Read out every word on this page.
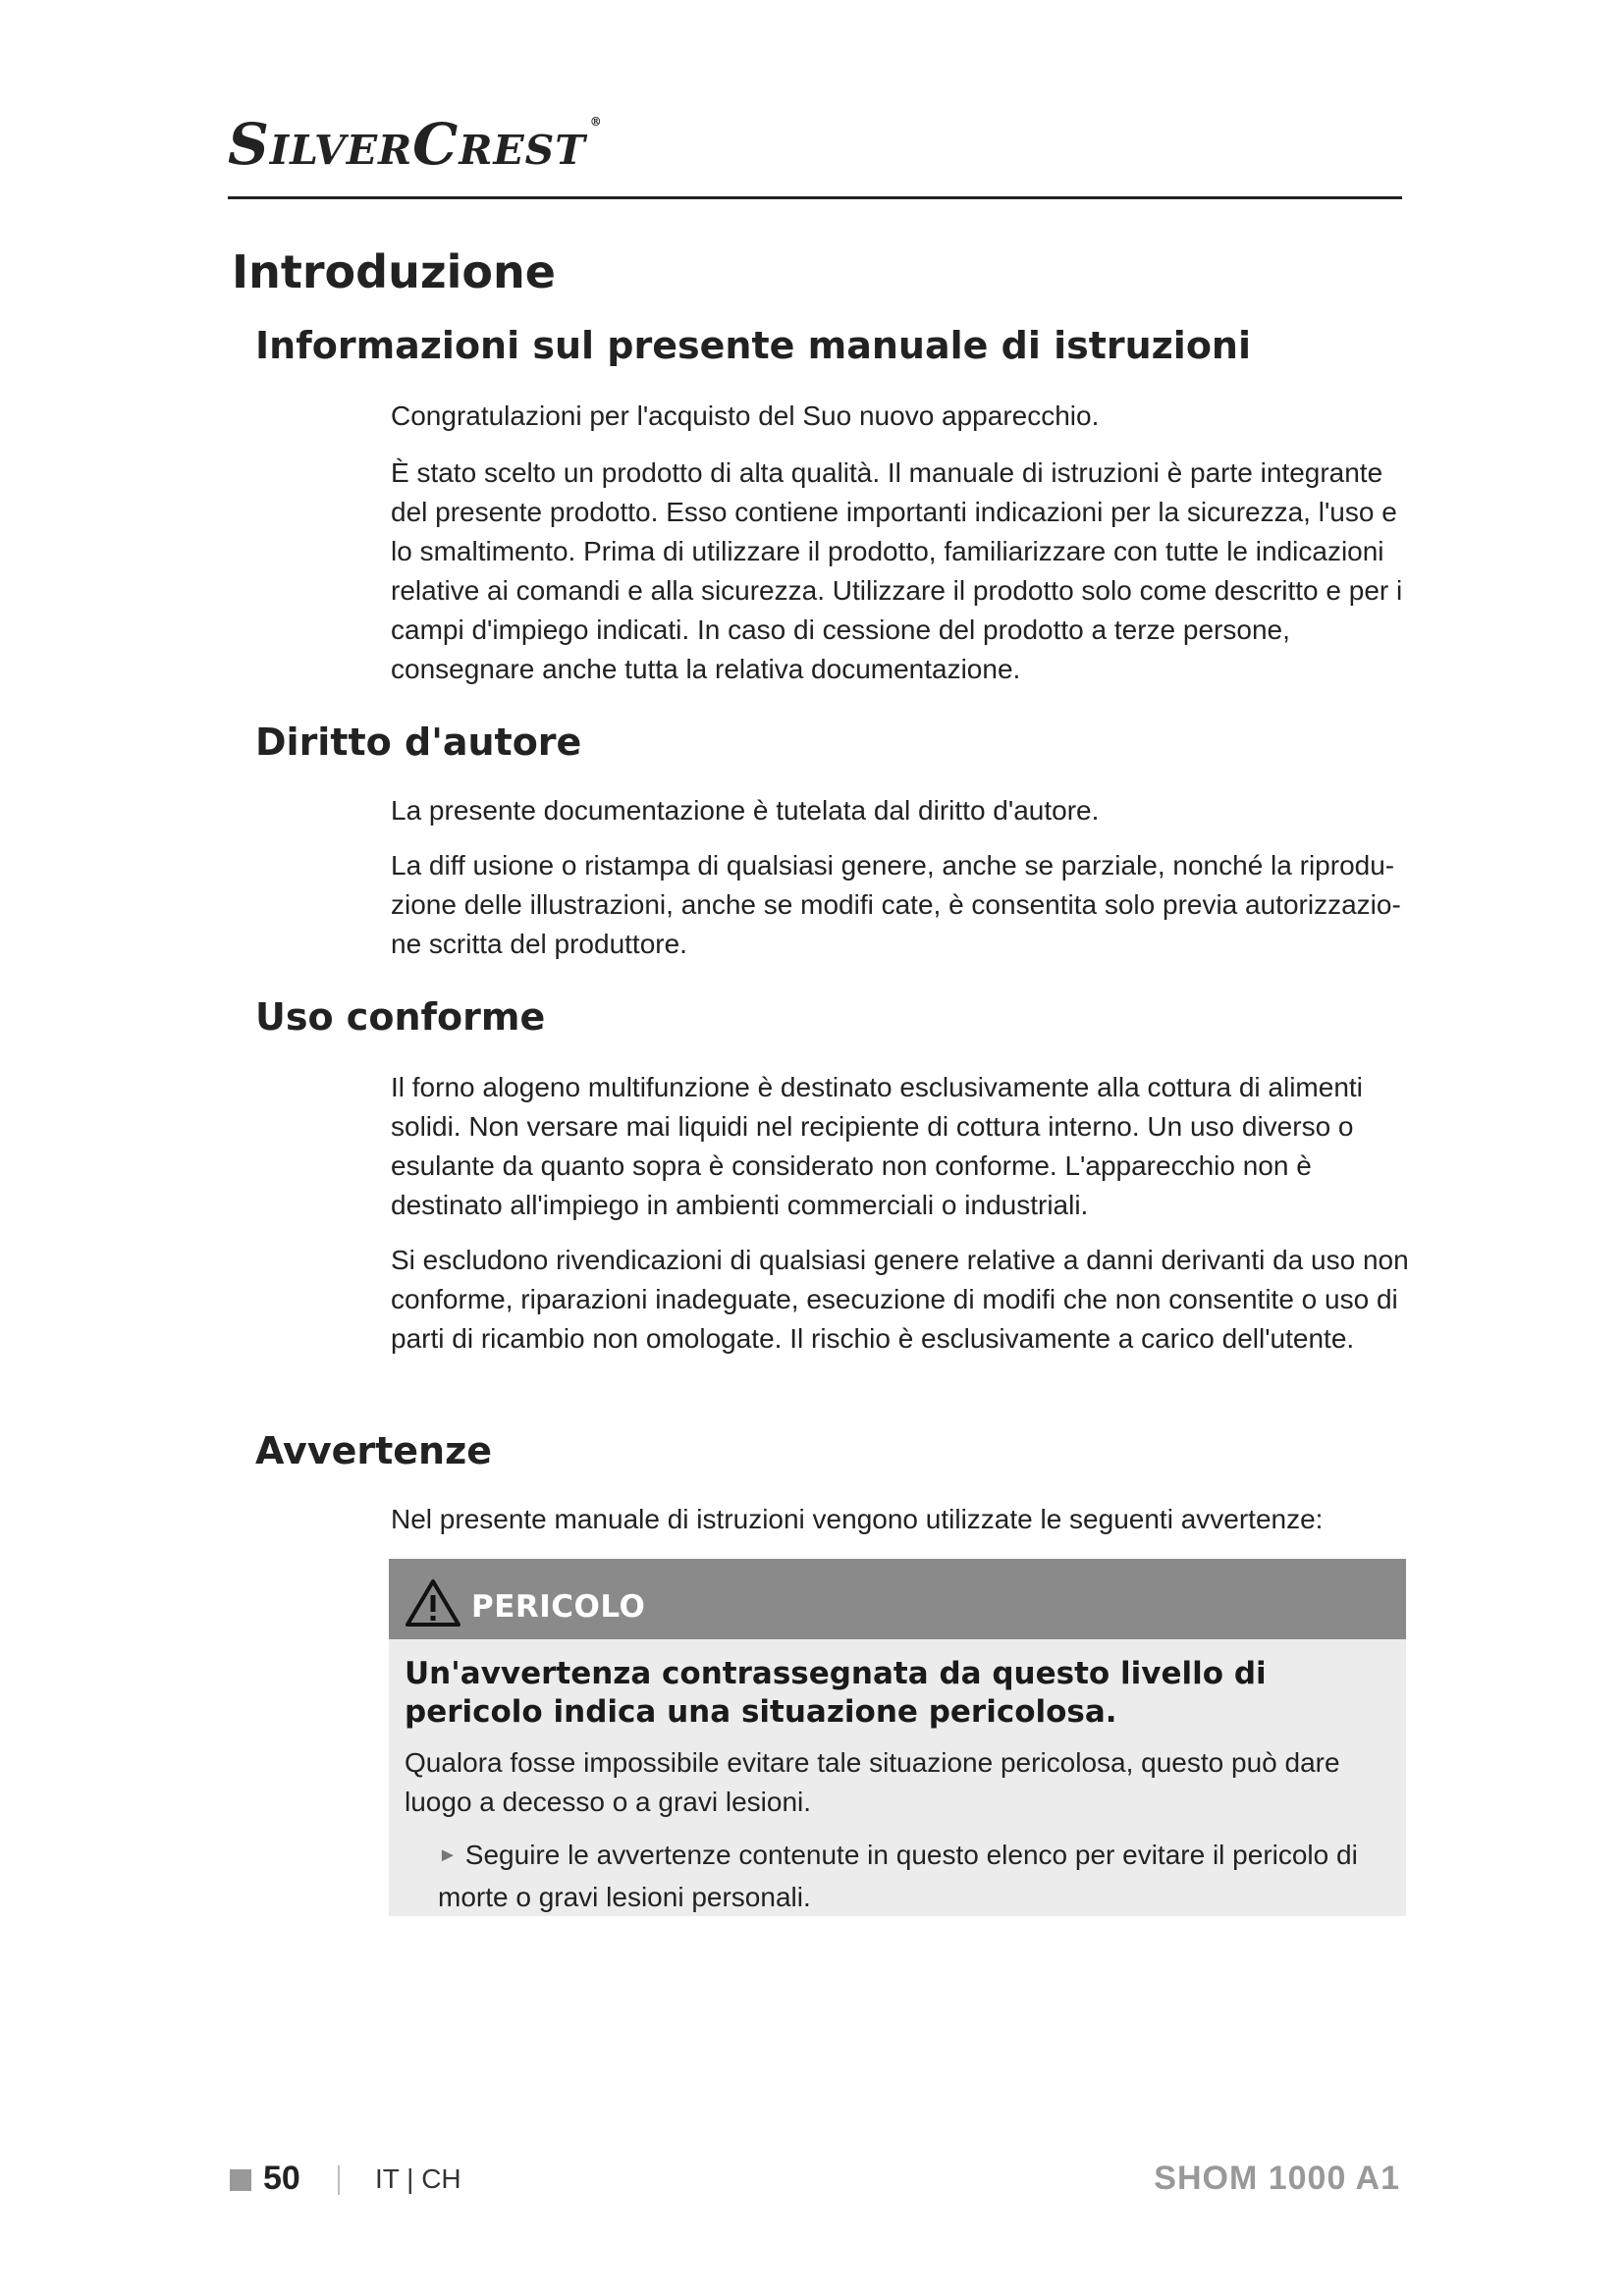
SilverCrest ®
Introduzione
Informazioni sul presente manuale di istruzioni

Congratulazioni per l'acquisto del Suo nuovo apparecchio.

È stato scelto un prodotto di alta qualità. Il manuale di istruzioni è parte integrante del presente prodotto. Esso contiene importanti indicazioni per la sicurezza, l'uso e lo smaltimento. Prima di utilizzare il prodotto, familiarizzare con tutte le indicazioni relative ai comandi e alla sicurezza. Utilizzare il prodotto solo come descritto e per i campi d'impiego indicati. In caso di cessione del prodotto a terze persone, consegnare anche tutta la relativa documentazione.

Diritto d'autore

La presente documentazione è tutelata dal diritto d'autore.

La diff usione o ristampa di qualsiasi genere, anche se parziale, nonché la riprodu-zione delle illustrazioni, anche se modifi cate, è consentita solo previa autorizzazio-ne scritta del produttore.

Uso conforme

Il forno alogeno multifunzione è destinato esclusivamente alla cottura di alimenti solidi. Non versare mai liquidi nel recipiente di cottura interno. Un uso diverso o esulante da quanto sopra è considerato non conforme. L'apparecchio non è destinato all'impiego in ambienti commerciali o industriali.

Si escludono rivendicazioni di qualsiasi genere relative a danni derivanti da uso non conforme, riparazioni inadeguate, esecuzione di modifi che non consentite o uso di parti di ricambio non omologate. Il rischio è esclusivamente a carico dell'utente.

Avvertenze

Nel presente manuale di istruzioni vengono utilizzate le seguenti avvertenze:

PERICOLO

Un'avvertenza contrassegnata da questo livello di pericolo indica una situazione pericolosa.

Qualora fosse impossibile evitare tale situazione pericolosa, questo può dare luogo a decesso o a gravi lesioni.

► Seguire le avvertenze contenute in questo elenco per evitare il pericolo di morte o gravi lesioni personali.

50	IT | CH	SHOM 1000 A1
